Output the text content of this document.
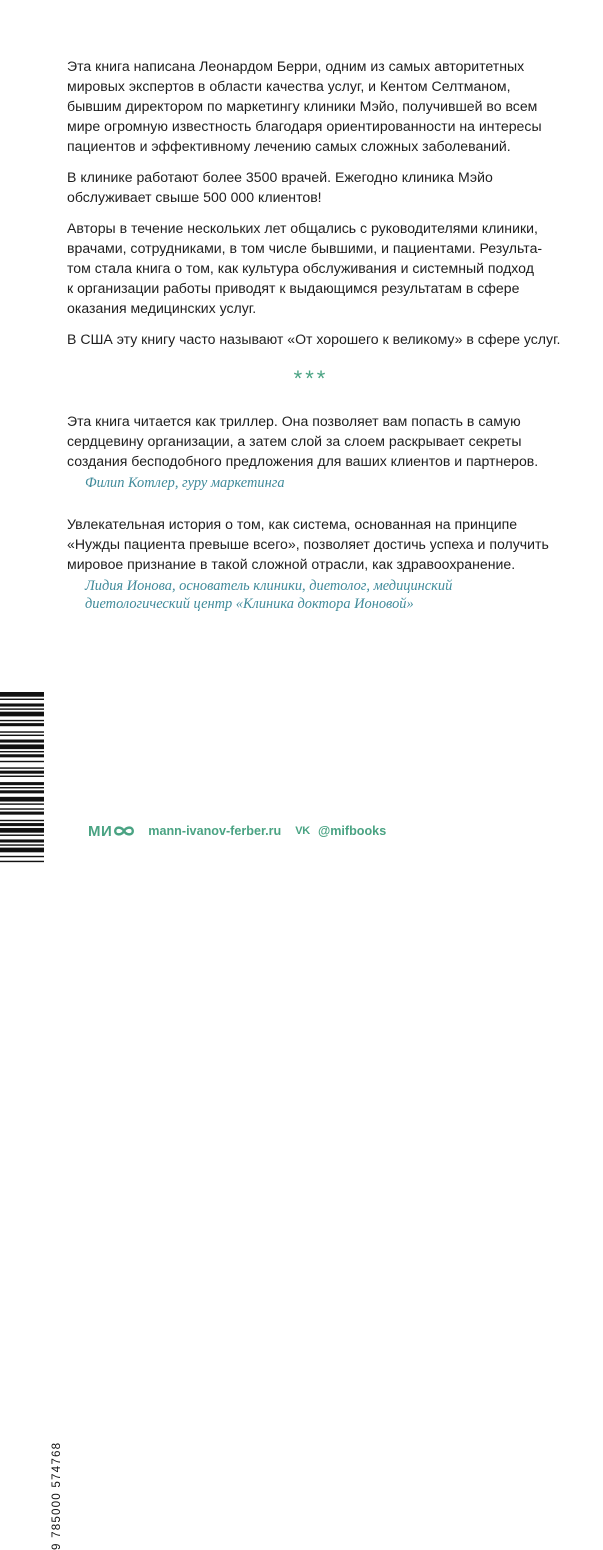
Эта книга написана Леонардом Берри, одним из самых авторитетных
мировых экспертов в области качества услуг, и Кентом Селтманом,
бывшим директором по маркетингу клиники Мэйо, получившей во всем
мире огромную известность благодаря ориентированности на интересы
пациентов и эффективному лечению самых сложных заболеваний.
В клинике работают более 3500 врачей. Ежегодно клиника Мэйо
обслуживает свыше 500 000 клиентов!
Авторы в течение нескольких лет общались с руководителями клиники,
врачами, сотрудниками, в том числе бывшими, и пациентами. Результа-
том стала книга о том, как культура обслуживания и системный подход
к организации работы приводят к выдающимся результатам в сфере
оказания медицинских услуг.
В США эту книгу часто называют «От хорошего к великому» в сфере услуг.
***
Эта книга читается как триллер. Она позволяет вам попасть в самую
сердцевину организации, а затем слой за слоем раскрывает секреты
создания бесподобного предложения для ваших клиентов и партнеров.
Филип Котлер, гуру маркетинга
Увлекательная история о том, как система, основанная на принципе
«Нужды пациента превыше всего», позволяет достичь успеха и получить
мировое признание в такой сложной отрасли, как здравоохранение.
Лидия Ионова, основатель клиники, диетолог, медицинский
диетологический центр «Клиника доктора Ионовой»
9 785000 574768
МИ	mann-ivanov-ferber.ru VK @mifbooks
